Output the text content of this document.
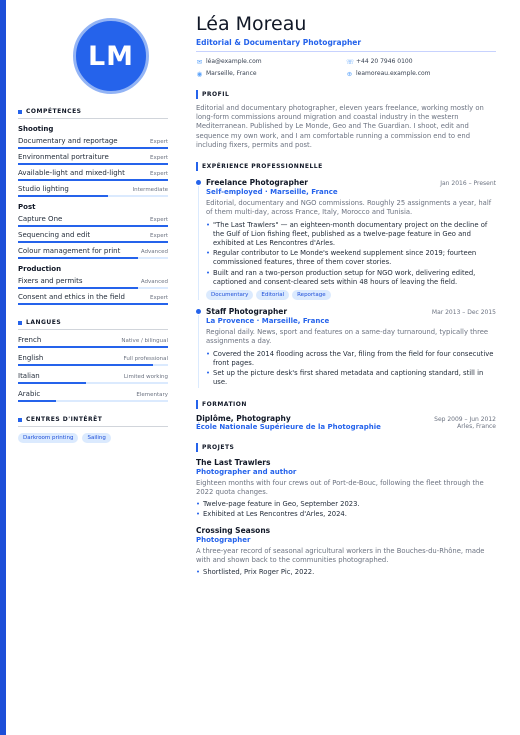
LM
COMPÉTENCES
Shooting
Documentary and reportage	Expert
Environmental portraiture	Expert
Available-light and mixed-light	Expert
Studio lighting	Intermediate
Post
Capture One	Expert
Sequencing and edit	Expert
Colour management for print	Advanced
Production
Fixers and permits	Advanced
Consent and ethics in the field	Expert
LANGUES
French	Native / bilingual
English	Full professional
Italian	Limited working
Arabic	Elementary
CENTRES D'INTÉRÊT
Darkroom printing	Sailing
Léa Moreau
Editorial & Documentary Photographer
✉ léa@example.com	☏ +44 20 7946 0100
◉ Marseille, France	⊕ leamoreau.example.com
PROFIL
Editorial and documentary photographer, eleven years freelance, working mostly on long-form commissions around migration and coastal industry in the western Mediterranean. Published by Le Monde, Geo and The Guardian. I shoot, edit and sequence my own work, and I am comfortable running a commission end to end including fixers, permits and post.
EXPÉRIENCE PROFESSIONNELLE
Freelance Photographer	Jan 2016 – Present
Self-employed · Marseille, France
Editorial, documentary and NGO commissions. Roughly 25 assignments a year, half of them multi-day, across France, Italy, Morocco and Tunisia.
• "The Last Trawlers" — an eighteen-month documentary project on the decline of the Gulf of Lion fishing fleet, published as a twelve-page feature in Geo and exhibited at Les Rencontres d'Arles.
• Regular contributor to Le Monde's weekend supplement since 2019; fourteen commissioned features, three of them cover stories.
• Built and ran a two-person production setup for NGO work, delivering edited, captioned and consent-cleared sets within 48 hours of leaving the field.
Documentary	Editorial	Reportage
Staff Photographer	Mar 2013 – Dec 2015
La Provence · Marseille, France
Regional daily. News, sport and features on a same-day turnaround, typically three assignments a day.
• Covered the 2014 flooding across the Var, filing from the field for four consecutive front pages.
• Set up the picture desk's first shared metadata and captioning standard, still in use.
FORMATION
Diplôme, Photography
École Nationale Supérieure de la Photographie
Sep 2009 – Jun 2012
Arles, France
PROJETS
The Last Trawlers
Photographer and author
Eighteen months with four crews out of Port-de-Bouc, following the fleet through the 2022 quota changes.
• Twelve-page feature in Geo, September 2023.
• Exhibited at Les Rencontres d'Arles, 2024.
Crossing Seasons
Photographer
A three-year record of seasonal agricultural workers in the Bouches-du-Rhône, made with and shown back to the communities photographed.
• Shortlisted, Prix Roger Pic, 2022.
